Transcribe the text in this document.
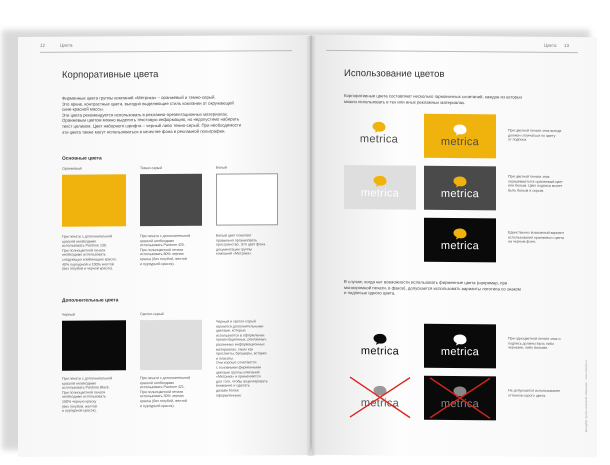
12	Цвета
Корпоративные цвета
Фирменные цвета группы компаний «Метрика» – оранжевый и темно-серый.
Это яркие, контрастные цвета, выгодно выделяющие стиль компании от окружающей
сине-красной массы.
Эти цвета рекомендуется использовать в рекламно-презентационных материалах.
Оранжевым цветом можно выделять текстовую информацию, но недопустимо набирать
текст целиком. Цвет наборного шрифта – черный либо темно-серый. При необходимости
эти цвета также могут использоваться в качестве фона в рекламной полиграфии.
Основные цвета
Оранжевый	Темно-серый	Белый
При печати с дополнительной
краской необходимо
использовать Pantone 130.
При полноцветной печати
необходимо использовать
следующую комбинацию красок:
40% пурпурной и 100% желтой
(без голубой и черной красок).
При печати с дополнительной
краской необходимо
использовать Pantone 425.
При полноцветной печати
использовать 80% черная
краска (без голубой, желтой
и пурпурной красок).
Белый цвет помогает
правильно организовать
пространство. Это цвет фона
документации группы
компаний «Метрика».
Дополнительные цвета
Черный	Светло-серый
При печати с дополнительной
краской необходимо
использовать Pantone Black.
При полноцветной печати
необходимо использовать
100% черную краску
(без голубой, желтой
и пурпурной красок).
При печати с дополнительной
краской необходимо
использовать Pantone 421.
При полноцветной печати
использовать 30% черная
краска (без голубой, желтой
и пурпурной красок).
Черный и светло-серый
являются дополнительными
цветами, которые
используются в оформлении
презентационных, рекламных,
различных информационных
материалах, таких как
проспекты, брошюры, вставки
и плакаты.
Они хорошо сочетаются
с основными фирменными
цветами группы компаний
«Метрика» и применяются
для того, чтобы акцентировать
внимание и сделать
дизайн более
оформленным.
Цвета 13
Использование цветов
Корпоративные цвета составляют несколько гармоничных сочетаний, каждое из которых
можно использовать в тех или иных рекламных материалах.
metrica	metrica
При цветной печати знак всегда
должен отличаться по цвету
от подписи.
metrica	metrica
При цветной печати знак
окрашивается в оранжевый цвет
или белым. Цвет подписи может
быть белым и серым.
metrica
Единственно возможный вариант
использования оранжевого цвета
на черном фоне.
В случае, когда нет возможности использовать фирменные цвета (например, при
монохромной печати, в факсе), допускается использовать варианты логотипа со знаком
и подписью одного цвета.
metrica	metrica
При одноцветной печати знак и
подпись должны быть либо
черными, либо белыми.
metrica	metrica
Не допускается использование
оттенков серого цвета.	Брендбук группы компаний «Метрика» · www.metrica.ru
